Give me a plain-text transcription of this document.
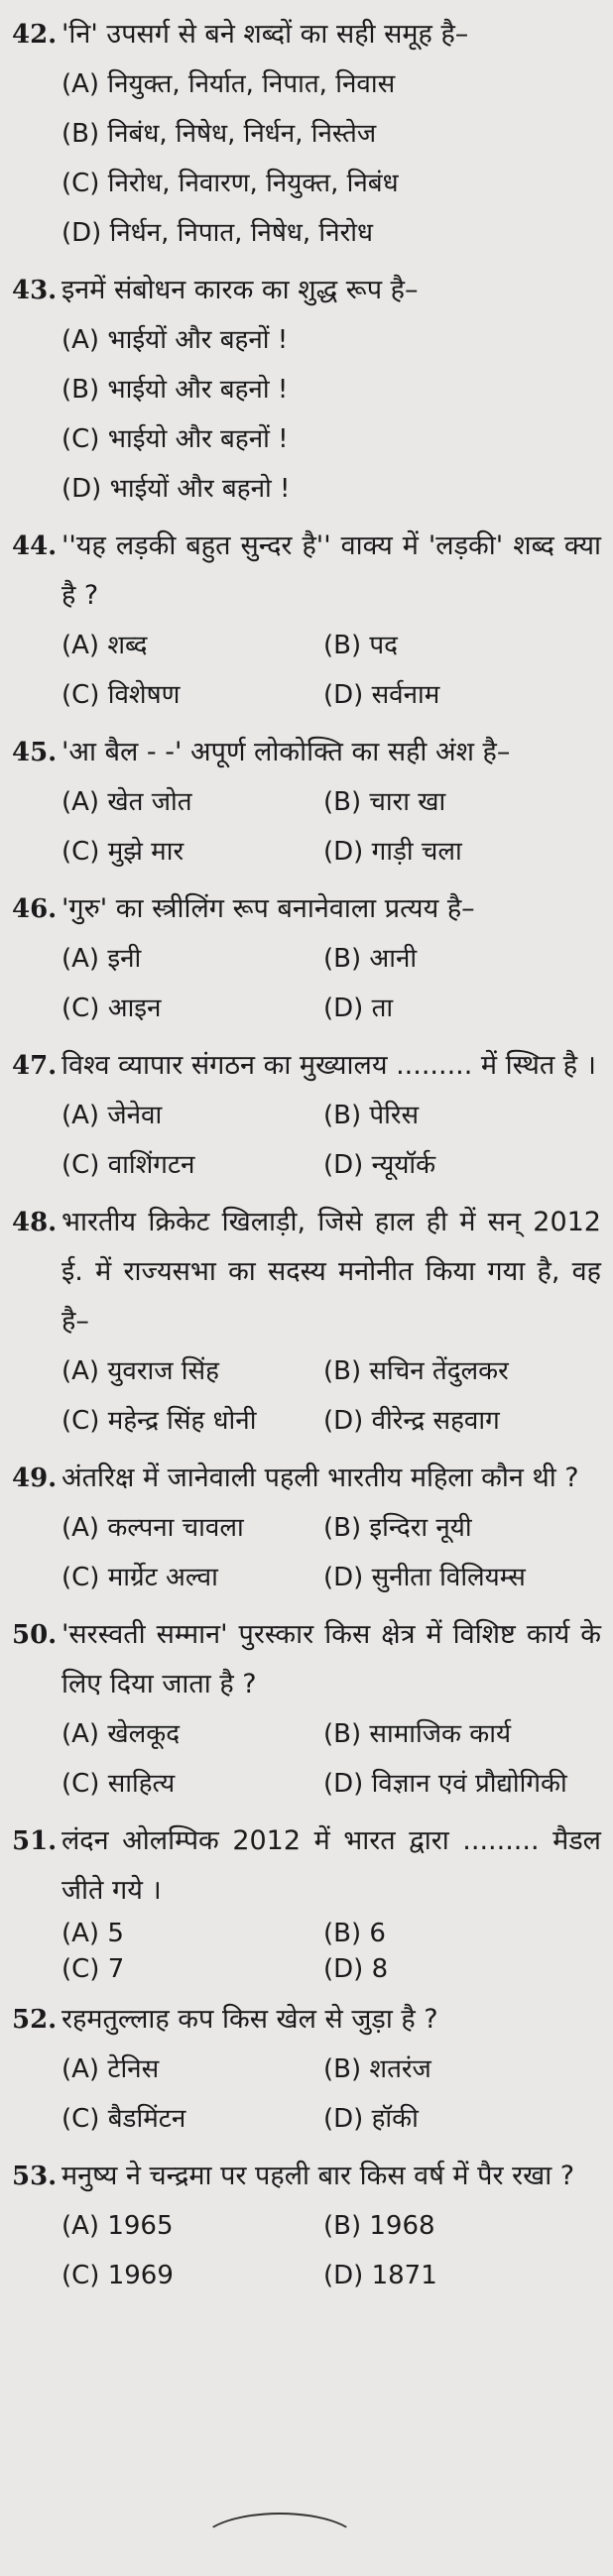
42. 'नि' उपसर्ग से बने शब्दों का सही समूह है–
(A) नियुक्त, निर्यात, निपात, निवास
(B) निबंध, निषेध, निर्धन, निस्तेज
(C) निरोध, निवारण, नियुक्त, निबंध
(D) निर्धन, निपात, निषेध, निरोध
43. इनमें संबोधन कारक का शुद्ध रूप है–
(A) भाईयों और बहनों !
(B) भाईयो और बहनो !
(C) भाईयो और बहनों !
(D) भाईयों और बहनो !
44. ''यह लड़की बहुत सुन्दर है'' वाक्य में 'लड़की' शब्द क्या है ?
(A) शब्द	(B) पद
(C) विशेषण	(D) सर्वनाम
45. 'आ बैल - -' अपूर्ण लोकोक्ति का सही अंश है–
(A) खेत जोत	(B) चारा खा
(C) मुझे मार	(D) गाड़ी चला
46. 'गुरु' का स्त्रीलिंग रूप बनानेवाला प्रत्यय है–
(A) इनी	(B) आनी
(C) आइन	(D) ता
47. विश्व व्यापार संगठन का मुख्यालय ......... में स्थित है ।
(A) जेनेवा	(B) पेरिस
(C) वाशिंगटन	(D) न्यूयॉर्क
48. भारतीय क्रिकेट खिलाड़ी, जिसे हाल ही में सन् 2012 ई. में राज्यसभा का सदस्य मनोनीत किया गया है, वह है–
(A) युवराज सिंह	(B) सचिन तेंदुलकर
(C) महेन्द्र सिंह धोनी	(D) वीरेन्द्र सहवाग
49. अंतरिक्ष में जानेवाली पहली भारतीय महिला कौन थी ?
(A) कल्पना चावला	(B) इन्दिरा नूयी
(C) मार्ग्रेट अल्वा	(D) सुनीता विलियम्स
50. 'सरस्वती सम्मान' पुरस्कार किस क्षेत्र में विशिष्ट कार्य के लिए दिया जाता है ?
(A) खेलकूद	(B) सामाजिक कार्य
(C) साहित्य	(D) विज्ञान एवं प्रौद्योगिकी
51. लंदन ओलम्पिक 2012 में भारत द्वारा ......... मैडल जीते गये ।
(A) 5	(B) 6
(C) 7	(D) 8
52. रहमतुल्लाह कप किस खेल से जुड़ा है ?
(A) टेनिस	(B) शतरंज
(C) बैडमिंटन	(D) हॉकी
53. मनुष्य ने चन्द्रमा पर पहली बार किस वर्ष में पैर रखा ?
(A) 1965	(B) 1968
(C) 1969	(D) 1871
